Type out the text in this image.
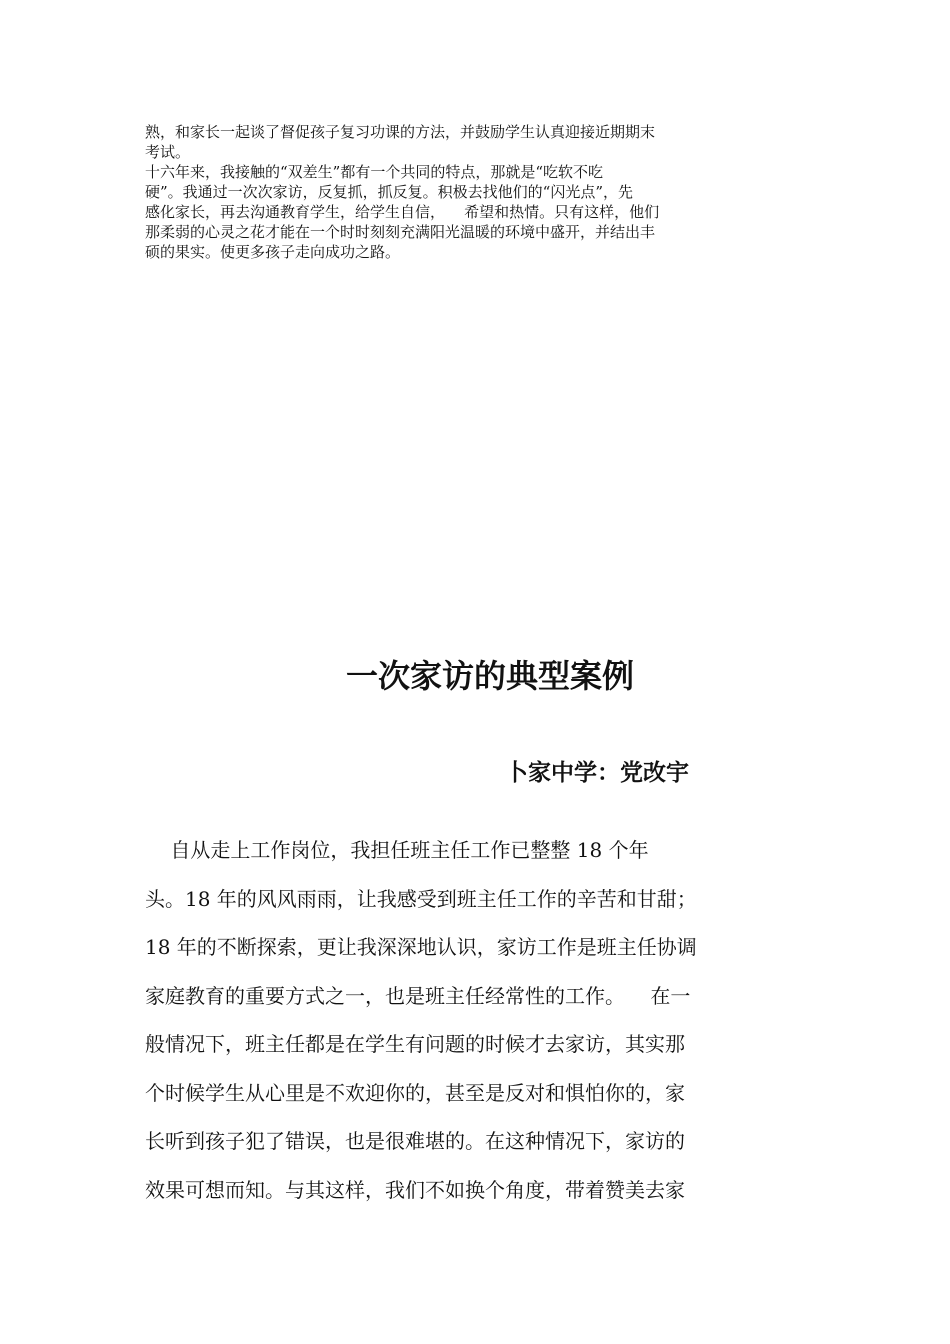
熟，和家长一起谈了督促孩子复习功课的方法，并鼓励学生认真迎接近期期末

考试。

十六年来，我接触的“双差生”都有一个共同的特点，那就是“吃软不吃

硬”。我通过一次次家访，反复抓，抓反复。积极去找他们的“闪光点”，先

感化家长，再去沟通教育学生，给学生自信，    希望和热情。只有这样，他们

那柔弱的心灵之花才能在一个时时刻刻充满阳光温暖的环境中盛开，并结出丰

硕的果实。使更多孩子走向成功之路。

一次家访的典型案例
卜家中学：党改宇
自从走上工作岗位，我担任班主任工作已整整 18 个年
头。18 年的风风雨雨，让我感受到班主任工作的辛苦和甘甜；
18 年的不断探索，更让我深深地认识，家访工作是班主任协调
家庭教育的重要方式之一，也是班主任经常性的工作。    在一
般情况下，班主任都是在学生有问题的时候才去家访，其实那
个时候学生从心里是不欢迎你的，甚至是反对和惧怕你的，家
长听到孩子犯了错误，也是很难堪的。在这种情况下，家访的
效果可想而知。与其这样，我们不如换个角度，带着赞美去家
